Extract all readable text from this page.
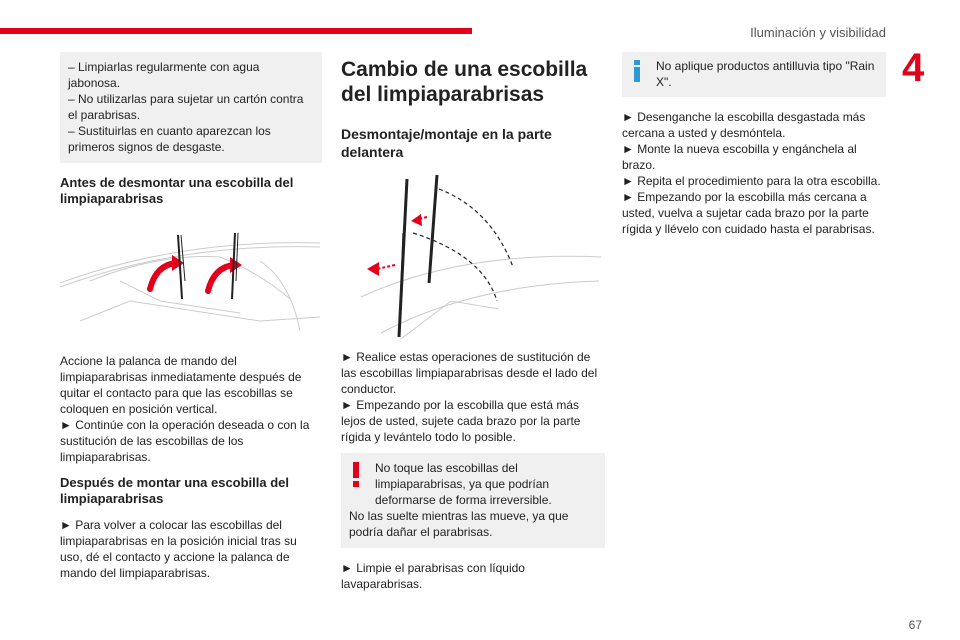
Iluminación y visibilidad
4

– Limpiarlas regularmente con agua jabonosa.

– No utilizarlas para sujetar un cartón contra el parabrisas.

– Sustituirlas en cuanto aparezcan los primeros signos de desgaste.

Antes de desmontar una escobilla del limpiaparabrisas

Accione la palanca de mando del limpiaparabrisas inmediatamente después de quitar el contacto para que las escobillas se coloquen en posición vertical.

► Continúe con la operación deseada o con la sustitución de las escobillas de los limpiaparabrisas.

Después de montar una escobilla del limpiaparabrisas

► Para volver a colocar las escobillas del limpiaparabrisas en la posición inicial tras su uso, dé el contacto y accione la palanca de mando del limpiaparabrisas.

Cambio de una escobilla del limpiaparabrisas
Desmontaje/montaje en la parte delantera

► Realice estas operaciones de sustitución de las escobillas limpiaparabrisas desde el lado del conductor.

► Empezando por la escobilla que está más lejos de usted, sujete cada brazo por la parte rígida y levántelo todo lo posible.

No toque las escobillas del limpiaparabrisas, ya que podrían deformarse de forma irreversible.

No las suelte mientras las mueve, ya que podría dañar el parabrisas.

► Limpie el parabrisas con líquido lavaparabrisas.

No aplique productos antilluvia tipo "Rain X".

► Desenganche la escobilla desgastada más cercana a usted y desmóntela.

► Monte la nueva escobilla y engánchela al brazo.

► Repita el procedimiento para la otra escobilla.

► Empezando por la escobilla más cercana a usted, vuelva a sujetar cada brazo por la parte rígida y llévelo con cuidado hasta el parabrisas.

67
